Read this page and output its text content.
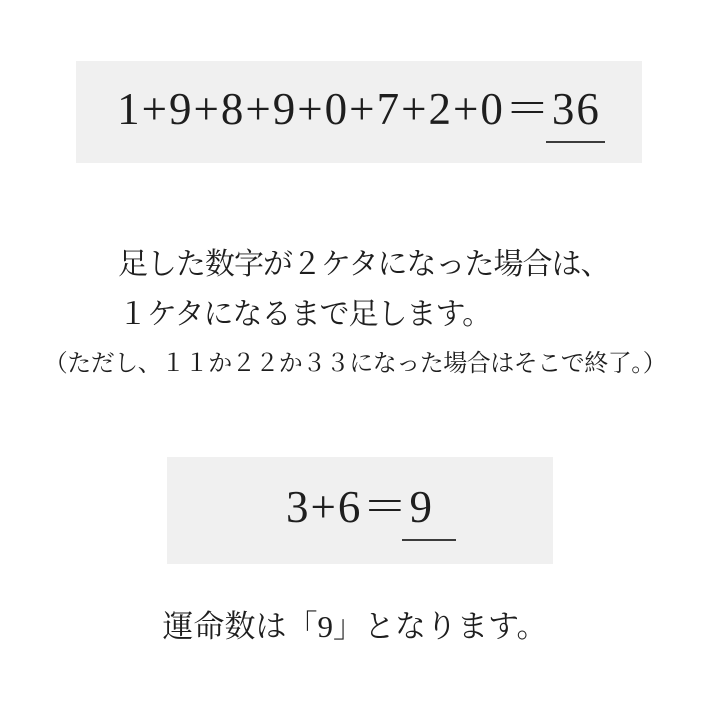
1+9+8+9+0+7+2+0＝36
足した数字が２ケタになった場合は、
１ケタになるまで足します。
（ただし、１１か２２か３３になった場合はそこで終了。）
3+6＝9
運命数は「9」となります。
